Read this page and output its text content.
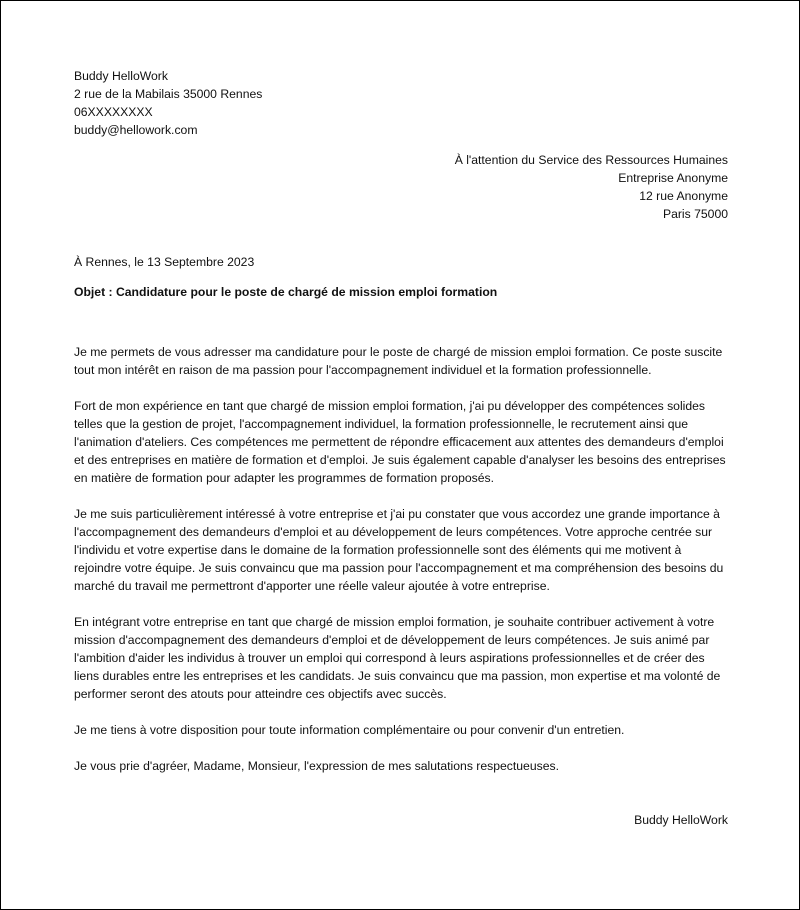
Buddy HelloWork
2 rue de la Mabilais 35000 Rennes
06XXXXXXXX
buddy@hellowork.com
À l'attention du Service des Ressources Humaines
Entreprise Anonyme
12 rue Anonyme
Paris 75000
À Rennes, le 13 Septembre 2023
Objet : Candidature pour le poste de chargé de mission emploi formation

Je me permets de vous adresser ma candidature pour le poste de chargé de mission emploi formation. Ce poste suscite tout mon intérêt en raison de ma passion pour l'accompagnement individuel et la formation professionnelle.

Fort de mon expérience en tant que chargé de mission emploi formation, j'ai pu développer des compétences solides telles que la gestion de projet, l'accompagnement individuel, la formation professionnelle, le recrutement ainsi que l'animation d'ateliers. Ces compétences me permettent de répondre efficacement aux attentes des demandeurs d'emploi et des entreprises en matière de formation et d'emploi. Je suis également capable d'analyser les besoins des entreprises en matière de formation pour adapter les programmes de formation proposés.

Je me suis particulièrement intéressé à votre entreprise et j'ai pu constater que vous accordez une grande importance à l'accompagnement des demandeurs d'emploi et au développement de leurs compétences. Votre approche centrée sur l'individu et votre expertise dans le domaine de la formation professionnelle sont des éléments qui me motivent à rejoindre votre équipe. Je suis convaincu que ma passion pour l'accompagnement et ma compréhension des besoins du marché du travail me permettront d'apporter une réelle valeur ajoutée à votre entreprise.

En intégrant votre entreprise en tant que chargé de mission emploi formation, je souhaite contribuer activement à votre mission d'accompagnement des demandeurs d'emploi et de développement de leurs compétences. Je suis animé par l'ambition d'aider les individus à trouver un emploi qui correspond à leurs aspirations professionnelles et de créer des liens durables entre les entreprises et les candidats. Je suis convaincu que ma passion, mon expertise et ma volonté de performer seront des atouts pour atteindre ces objectifs avec succès.

Je me tiens à votre disposition pour toute information complémentaire ou pour convenir d'un entretien.

Je vous prie d'agréer, Madame, Monsieur, l'expression de mes salutations respectueuses.

Buddy HelloWork
